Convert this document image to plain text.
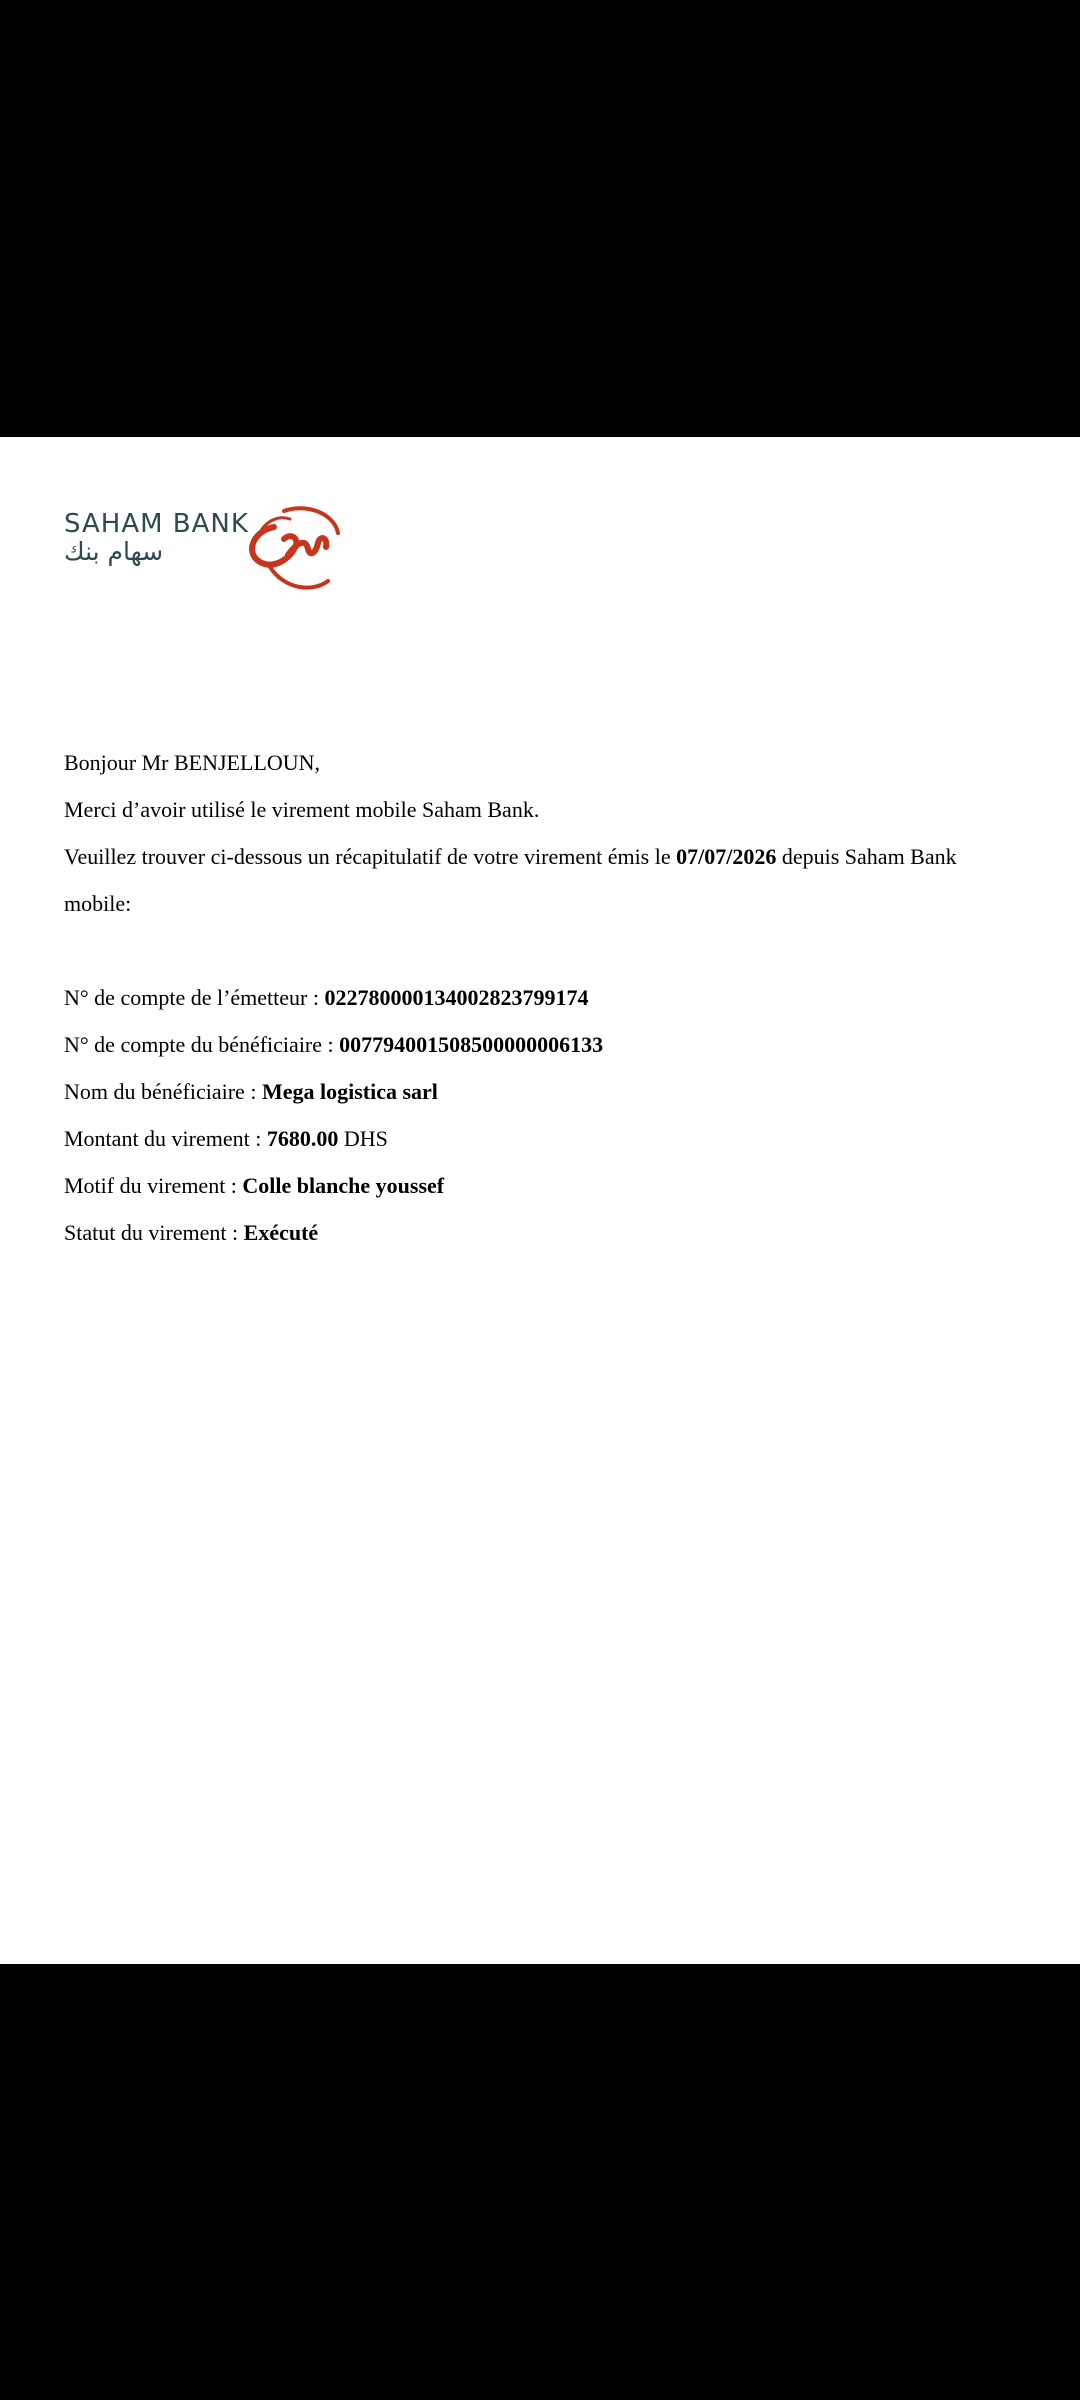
SAHAM BANK
سهام بنك
Bonjour Mr BENJELLOUN,
Merci d’avoir utilisé le virement mobile Saham Bank.
Veuillez trouver ci-dessous un récapitulatif de votre virement émis le 07/07/2026 depuis Saham Bank
mobile:
N° de compte de l’émetteur : 022780000134002823799174
N° de compte du bénéficiaire : 007794001508500000006133
Nom du bénéficiaire : Mega logistica sarl
Montant du virement : 7680.00 DHS
Motif du virement : Colle blanche youssef
Statut du virement : Exécuté
